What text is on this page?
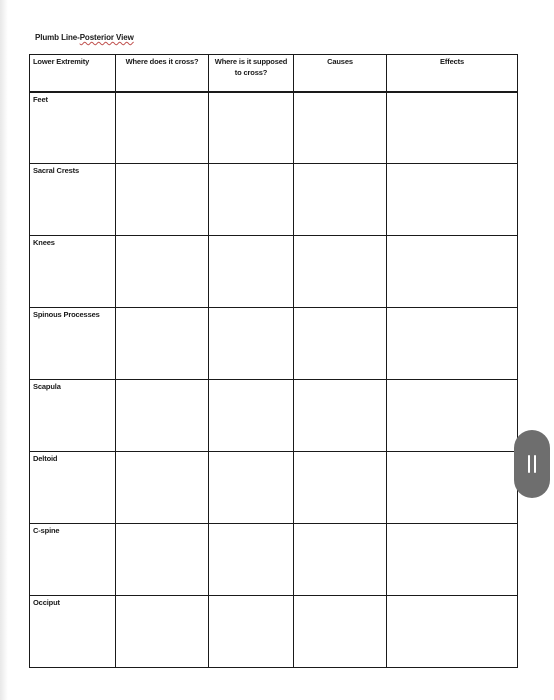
Plumb Line-Posterior View
Lower Extremity	Where does it cross?	Where is it supposed to cross?	Causes	Effects
Feet				
Sacral Crests				
Knees				
Spinous Processes				
Scapula				
Deltoid				
C-spine				
Occiput				
